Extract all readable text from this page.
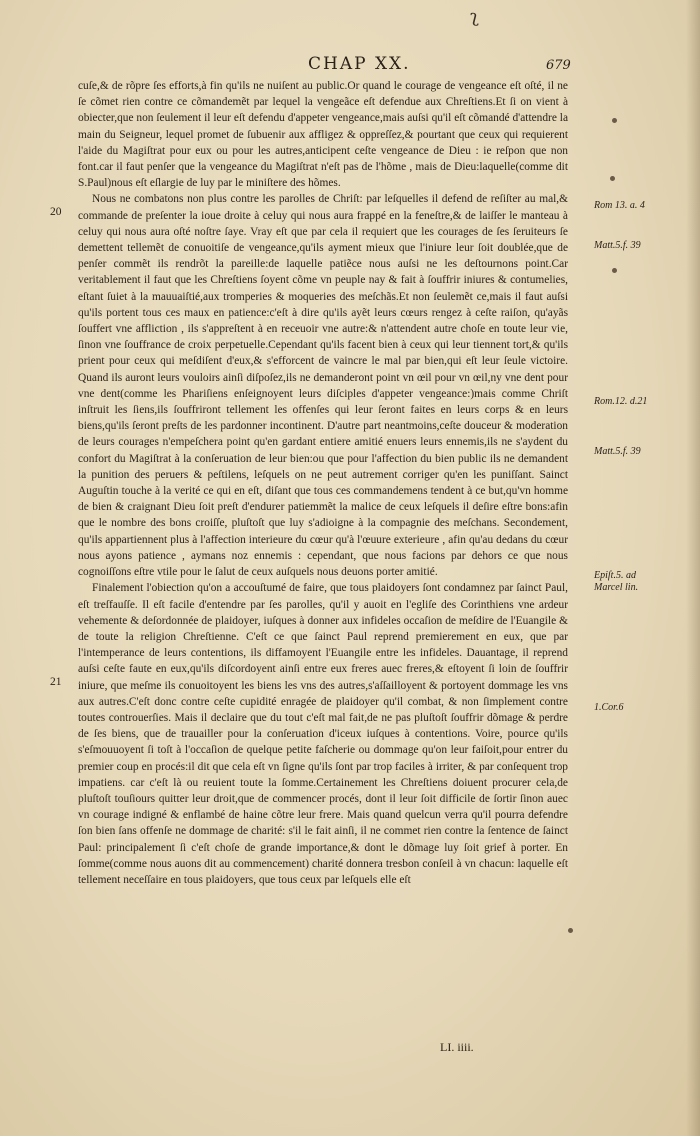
ʅ
CHAP XX.	679
20
21

cuſe,& de rõpre ſes efforts,à fin qu'ils ne nuiſent au public.Or quand le courage de vengeance eſt oſté, il ne ſe cõmet rien contre ce cõmandemẽt par lequel la vengeãce eſt defendue aux Chreſtiens.Et ſi on vient à obiecter,que non ſeulement il leur eſt defendu d'appeter vengeance,mais auſsi qu'il eſt cõmandé d'attendre la main du Seigneur, lequel promet de ſubuenir aux affligez & oppreſſez,& pourtant que ceux qui requierent l'aide du Magiſtrat pour eux ou pour les autres,anticipent ceſte vengeance de Dieu : ie reſpon que non font.car il faut penſer que la vengeance du Magiſtrat n'eſt pas de l'hõme , mais de Dieu:laquelle(comme dit S.Paul)nous eſt eſlargie de luy par le miniſtere des hõmes.

Nous ne combatons non plus contre les parolles de Chriſt: par leſquelles il defend de reſiſter au mal,& commande de preſenter la ioue droite à celuy qui nous aura frappé en la feneſtre,& de laiſſer le manteau à celuy qui nous aura oſté noſtre ſaye. Vray eſt que par cela il requiert que les courages de ſes ſeruiteurs ſe demettent tellemẽt de conuoitiſe de vengeance,qu'ils ayment mieux que l'iniure leur ſoit doublée,que de penſer commẽt ils rendrõt la pareille:de laquelle patiẽce nous auſsi ne les deſtournons point.Car veritablement il faut que les Chreſtiens ſoyent cõme vn peuple nay & fait à ſouffrir iniures & contumelies, eſtant ſuiet à la mauuaiſtié,aux tromperies & moqueries des meſchãs.Et non ſeulemẽt ce,mais il faut auſsi qu'ils portent tous ces maux en patience:c'eſt à dire qu'ils ayẽt leurs cœurs rengez à ceſte raiſon, qu'ayãs ſouffert vne affliction , ils s'appreſtent à en receuoir vne autre:& n'attendent autre choſe en toute leur vie, ſinon vne ſouffrance de croix perpetuelle.Cependant qu'ils facent bien à ceux qui leur tiennent tort,& qu'ils prient pour ceux qui meſdiſent d'eux,& s'efforcent de vaincre le mal par bien,qui eſt leur ſeule victoire. Quand ils auront leurs vouloirs ainſi diſpoſez,ils ne demanderont point vn œil pour vn œil,ny vne dent pour vne dent(comme les Phariſiens enſeignoyent leurs diſciples d'appeter vengeance:)mais comme Chriſt inſtruit les ſiens,ils ſouffriront tellement les offenſes qui leur ſeront faites en leurs corps & en leurs biens,qu'ils ſeront preſts de les pardonner incontinent. D'autre part neantmoins,ceſte douceur & moderation de leurs courages n'empeſchera point qu'en gardant entiere amitié enuers leurs ennemis,ils ne s'aydent du confort du Magiſtrat à la conſeruation de leur bien:ou que pour l'affection du bien public ils ne demandent la punition des peruers & peſtilens, leſquels on ne peut autrement corriger qu'en les puniſſant. Sainct Auguſtin touche à la verité ce qui en eſt, diſant que tous ces commandemens tendent à ce but,qu'vn homme de bien & craignant Dieu ſoit preſt d'endurer patiemmẽt la malice de ceux leſquels il deſire eſtre bons:afin que le nombre des bons croiſſe, pluſtoſt que luy s'adioigne à la compagnie des meſchans. Secondement, qu'ils appartiennent plus à l'affection interieure du cœur qu'à l'œuure exterieure , afin qu'au dedans du cœur nous ayons patience , aymans noz ennemis : cependant, que nous facions par dehors ce que nous cognoiſſons eſtre vtile pour le ſalut de ceux auſquels nous deuons porter amitié.

Finalement l'obiection qu'on a accouſtumé de faire, que tous plaidoyers ſont condamnez par ſainct Paul, eſt treſfauſſe. Il eſt facile d'entendre par ſes parolles, qu'il y auoit en l'egliſe des Corinthiens vne ardeur vehemente & deſordonnée de plaidoyer, iuſques à donner aux infideles occaſion de meſdire de l'Euangile & de toute la religion Chreſtienne. C'eſt ce que ſainct Paul reprend premierement en eux, que par l'intemperance de leurs contentions, ils diffamoyent l'Euangile entre les infideles. Dauantage, il reprend auſsi ceſte faute en eux,qu'ils diſcordoyent ainſi entre eux freres auec freres,& eſtoyent ſi loin de ſouffrir iniure, que meſme ils conuoitoyent les biens les vns des autres,s'aſſailloyent & portoyent dommage les vns aux autres.C'eſt donc contre ceſte cupidité enragée de plaidoyer qu'il combat, & non ſimplement contre toutes controuerſies. Mais il declaire que du tout c'eſt mal fait,de ne pas pluſtoſt ſouffrir dõmage & perdre de ſes biens, que de trauailler pour la conſeruation d'iceux iuſques à contentions. Voire, pource qu'ils s'eſmouuoyent ſi toſt à l'occaſion de quelque petite faſcherie ou dommage qu'on leur faiſoit,pour entrer du premier coup en procés:il dit que cela eſt vn ſigne qu'ils ſont par trop faciles à irriter, & par conſequent trop impatiens. car c'eſt là ou reuient toute la ſomme.Certainement les Chreſtiens doiuent procurer cela,de pluſtoſt touſiours quitter leur droit,que de commencer procés, dont il leur ſoit difficile de ſortir ſinon auec vn courage indigné & enflambé de haine cõtre leur frere. Mais quand quelcun verra qu'il pourra defendre ſon bien ſans offenſe ne dommage de charité: s'il le fait ainſi, il ne commet rien contre la ſentence de ſainct Paul: principalement ſi c'eſt choſe de grande importance,& dont le dõmage luy ſoit grief à porter. En ſomme(comme nous auons dit au commencement) charité donnera tresbon conſeil à vn chacun: laquelle eſt tellement neceſſaire en tous plaidoyers, que tous ceux par leſquels elle eſt

Rom 13. a. 4
Matt.5.f. 39
Rom.12. d.21
Matt.5.f. 39
Epiſt.5. ad Marcel lin.
1.Cor.6
LI. iiii.
